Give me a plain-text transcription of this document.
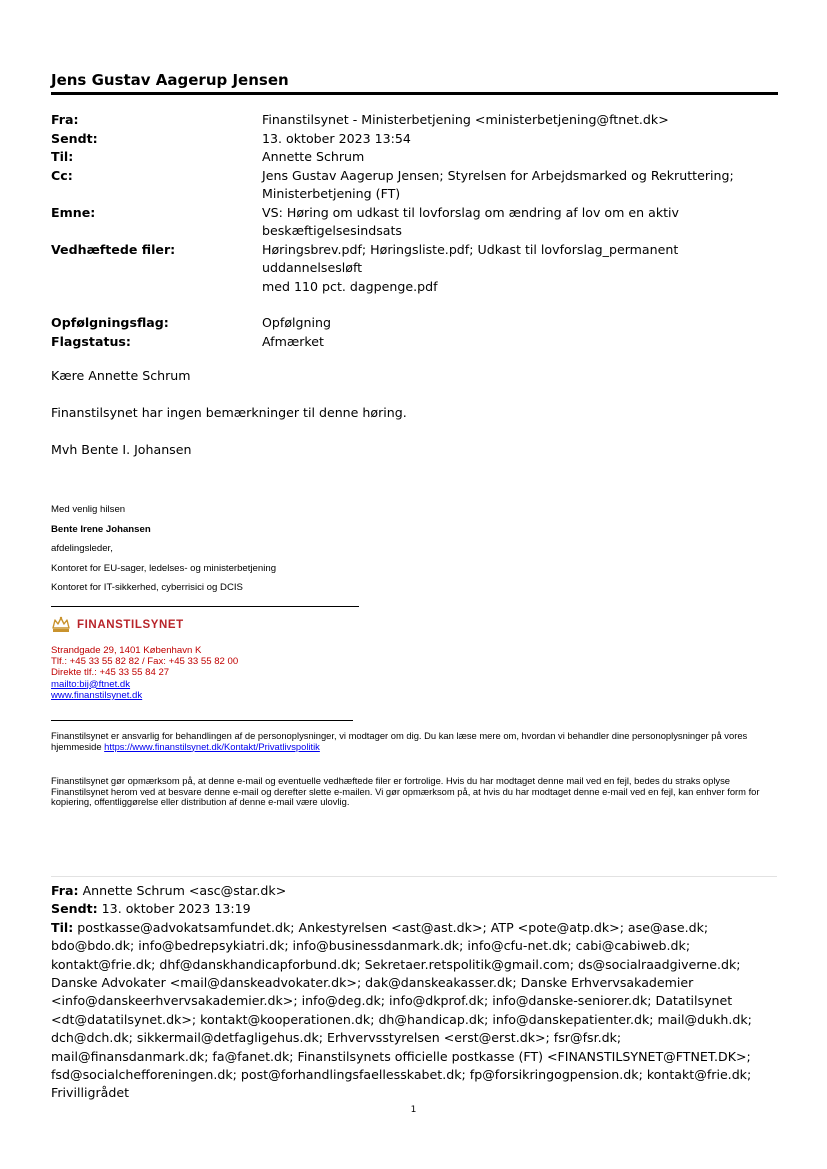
Jens Gustav Aagerup Jensen
Fra:	Finanstilsynet - Ministerbetjening <ministerbetjening@ftnet.dk>
Sendt:	13. oktober 2023 13:54
Til:	Annette Schrum
Cc:	Jens Gustav Aagerup Jensen; Styrelsen for Arbejdsmarked og Rekruttering;
Ministerbetjening (FT)
Emne:	VS: Høring om udkast til lovforslag om ændring af lov om en aktiv
beskæftigelsesindsats
Vedhæftede filer:	Høringsbrev.pdf; Høringsliste.pdf; Udkast til lovforslag_permanent uddannelsesløft
med 110 pct. dagpenge.pdf
Opfølgningsflag:	Opfølgning
Flagstatus:	Afmærket
Kære Annette Schrum
Finanstilsynet har ingen bemærkninger til denne høring.
Mvh Bente I. Johansen
Med venlig hilsen
Bente Irene Johansen
afdelingsleder,
Kontoret for EU-sager, ledelses- og ministerbetjening
Kontoret for IT-sikkerhed, cyberrisici og DCIS
FINANSTILSYNET
Strandgade 29, 1401 København K
Tlf.: +45 33 55 82 82 / Fax: +45 33 55 82 00
Direkte tlf.: +45 33 55 84 27
mailto:bij@ftnet.dk
www.finanstilsynet.dk
Finanstilsynet er ansvarlig for behandlingen af de personoplysninger, vi modtager om dig. Du kan læse mere om, hvordan vi behandler dine personoplysninger på vores hjemmeside https://www.finanstilsynet.dk/Kontakt/Privatlivspolitik
Finanstilsynet gør opmærksom på, at denne e-mail og eventuelle vedhæftede filer er fortrolige. Hvis du har modtaget denne mail ved en fejl, bedes du straks oplyse Finanstilsynet herom ved at besvare denne e-mail og derefter slette e-mailen. Vi gør opmærksom på, at hvis du har modtaget denne e-mail ved en fejl, kan enhver form for kopiering, offentliggørelse eller distribution af denne e-mail være ulovlig.
Fra: Annette Schrum <asc@star.dk>
Sendt: 13. oktober 2023 13:19
Til: postkasse@advokatsamfundet.dk; Ankestyrelsen <ast@ast.dk>; ATP <pote@atp.dk>; ase@ase.dk; bdo@bdo.dk; info@bedrepsykiatri.dk; info@businessdanmark.dk; info@cfu-net.dk; cabi@cabiweb.dk; kontakt@frie.dk; dhf@danskhandicapforbund.dk; Sekretaer.retspolitik@gmail.com; ds@socialraadgiverne.dk; Danske Advokater <mail@danskeadvokater.dk>; dak@danskeakasser.dk; Danske Erhvervsakademier <info@danskeerhvervsakademier.dk>; info@deg.dk; info@dkprof.dk; info@danske-seniorer.dk; Datatilsynet <dt@datatilsynet.dk>; kontakt@kooperationen.dk; dh@handicap.dk; info@danskepatienter.dk; mail@dukh.dk; dch@dch.dk; sikkermail@detfagligehus.dk; Erhvervsstyrelsen <erst@erst.dk>; fsr@fsr.dk; mail@finansdanmark.dk; fa@fanet.dk; Finanstilsynets officielle postkasse (FT) <FINANSTILSYNET@FTNET.DK>; fsd@socialchefforeningen.dk; post@forhandlingsfaellesskabet.dk; fp@forsikringogpension.dk; kontakt@frie.dk; Frivilligrådet
1
